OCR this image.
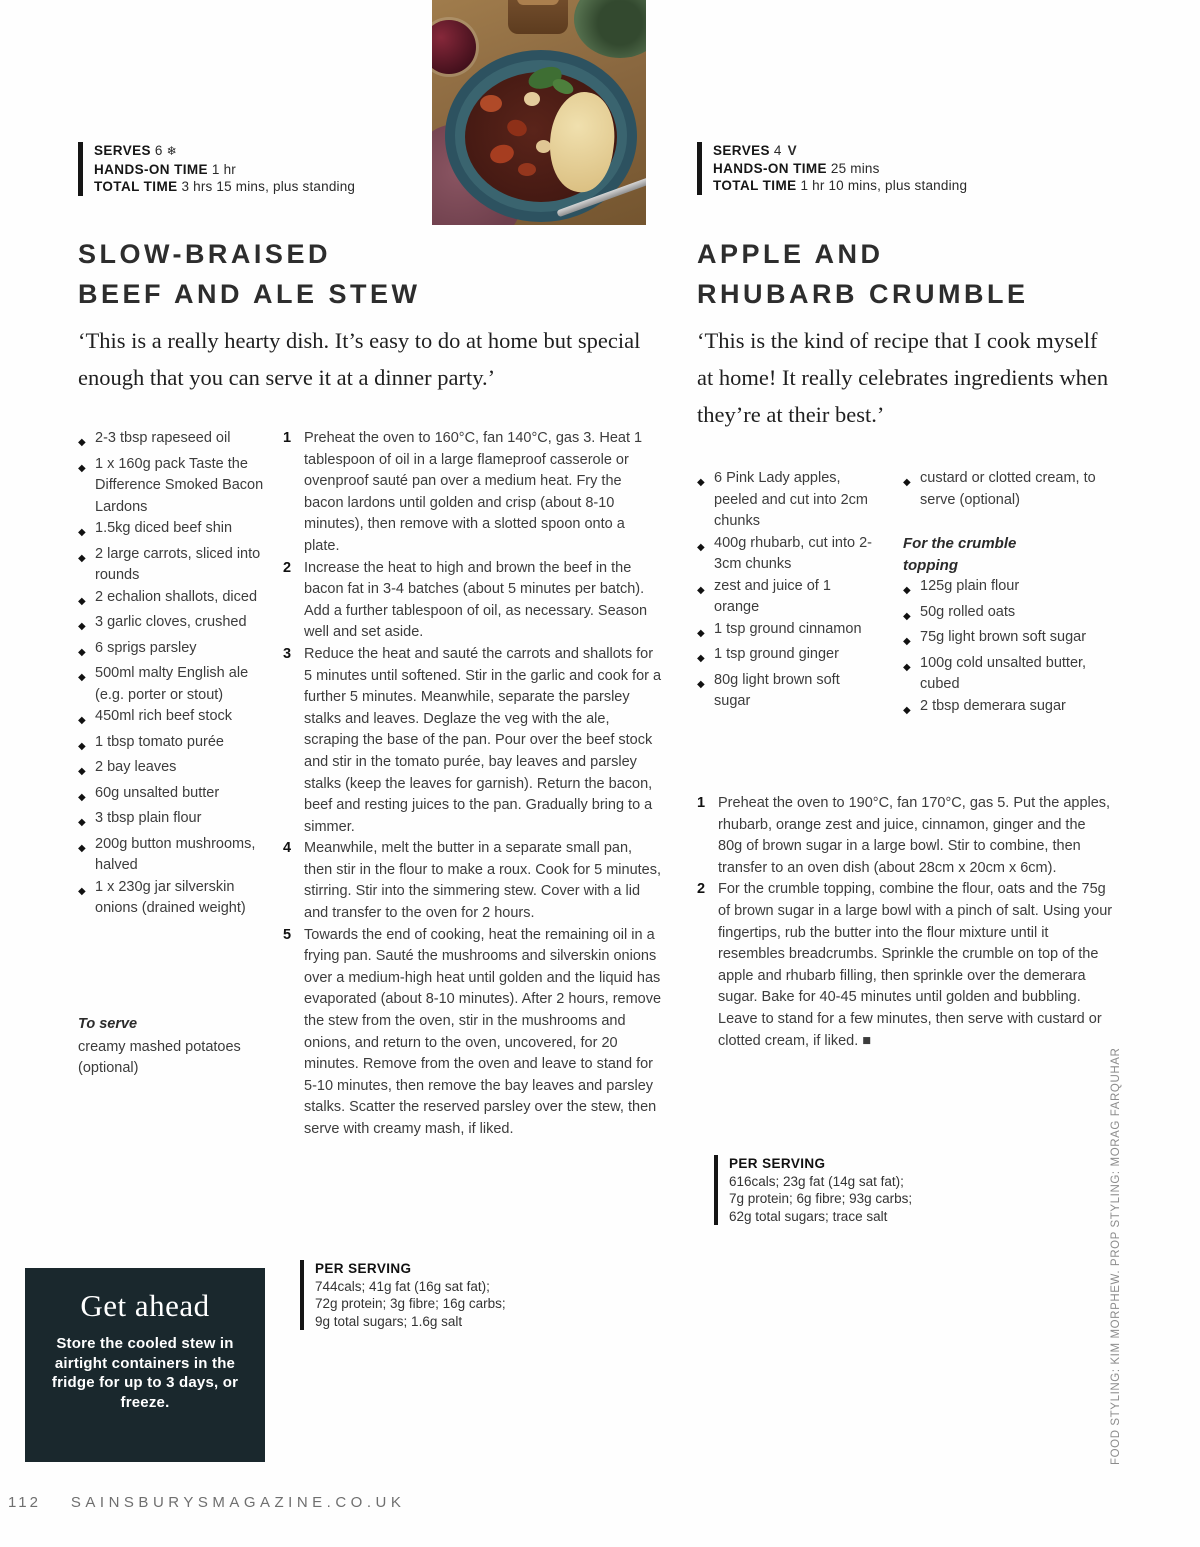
SERVES 6 ❄
HANDS-ON TIME 1 hr
TOTAL TIME 3 hrs 15 mins, plus standing
SERVES 4 V
HANDS-ON TIME 25 mins
TOTAL TIME 1 hr 10 mins, plus standing
SLOW-BRAISED
BEEF AND ALE STEW
APPLE AND
RHUBARB CRUMBLE

‘This is a really hearty dish. It’s easy to do at home but special enough that you can serve it at a dinner party.’

‘This is the kind of recipe that I cook myself at home! It really celebrates ingredients when they’re at their best.’

◆ 2-3 tbsp rapeseed oil
◆ 1 x 160g pack Taste the Difference Smoked Bacon Lardons
◆ 1.5kg diced beef shin
◆ 2 large carrots, sliced into rounds
◆ 2 echalion shallots, diced
◆ 3 garlic cloves, crushed
◆ 6 sprigs parsley
◆ 500ml malty English ale (e.g. porter or stout)
◆ 450ml rich beef stock
◆ 1 tbsp tomato purée
◆ 2 bay leaves
◆ 60g unsalted butter
◆ 3 tbsp plain flour
◆ 200g button mushrooms, halved
◆ 1 x 230g jar silverskin onions (drained weight)
To serve
creamy mashed potatoes (optional)
1 Preheat the oven to 160°C, fan 140°C, gas 3. Heat 1 tablespoon of oil in a large flameproof casserole or ovenproof sauté pan over a medium heat. Fry the bacon lardons until golden and crisp (about 8-10 minutes), then remove with a slotted spoon onto a plate.
2 Increase the heat to high and brown the beef in the bacon fat in 3-4 batches (about 5 minutes per batch). Add a further tablespoon of oil, as necessary. Season well and set aside.
3 Reduce the heat and sauté the carrots and shallots for 5 minutes until softened. Stir in the garlic and cook for a further 5 minutes. Meanwhile, separate the parsley stalks and leaves. Deglaze the veg with the ale, scraping the base of the pan. Pour over the beef stock and stir in the tomato purée, bay leaves and parsley stalks (keep the leaves for garnish). Return the bacon, beef and resting juices to the pan. Gradually bring to a simmer.
4 Meanwhile, melt the butter in a separate small pan, then stir in the flour to make a roux. Cook for 5 minutes, stirring. Stir into the simmering stew. Cover with a lid and transfer to the oven for 2 hours.
5 Towards the end of cooking, heat the remaining oil in a frying pan. Sauté the mushrooms and silverskin onions over a medium-high heat until golden and the liquid has evaporated (about 8-10 minutes). After 2 hours, remove the stew from the oven, stir in the mushrooms and onions, and return to the oven, uncovered, for 20 minutes. Remove from the oven and leave to stand for 5-10 minutes, then remove the bay leaves and parsley stalks. Scatter the reserved parsley over the stew, then serve with creamy mash, if liked.
◆ 6 Pink Lady apples, peeled and cut into 2cm chunks
◆ 400g rhubarb, cut into 2-3cm chunks
◆ zest and juice of 1 orange
◆ 1 tsp ground cinnamon
◆ 1 tsp ground ginger
◆ 80g light brown soft sugar
◆ custard or clotted cream, to serve (optional)
For the crumble topping
◆ 125g plain flour
◆ 50g rolled oats
◆ 75g light brown soft sugar
◆ 100g cold unsalted butter, cubed
◆ 2 tbsp demerara sugar
1 Preheat the oven to 190°C, fan 170°C, gas 5. Put the apples, rhubarb, orange zest and juice, cinnamon, ginger and the 80g of brown sugar in a large bowl. Stir to combine, then transfer to an oven dish (about 28cm x 20cm x 6cm).
2 For the crumble topping, combine the flour, oats and the 75g of brown sugar in a large bowl with a pinch of salt. Using your fingertips, rub the butter into the flour mixture until it resembles breadcrumbs. Sprinkle the crumble on top of the apple and rhubarb filling, then sprinkle over the demerara sugar. Bake for 40-45 minutes until golden and bubbling. Leave to stand for a few minutes, then serve with custard or clotted cream, if liked. ■
PER SERVING
616cals; 23g fat (14g sat fat);
7g protein; 6g fibre; 93g carbs;
62g total sugars; trace salt
PER SERVING
744cals; 41g fat (16g sat fat);
72g protein; 3g fibre; 16g carbs;
9g total sugars; 1.6g salt
Get ahead

Store the cooled stew in airtight containers in the fridge for up to 3 days, or freeze.

112 SAINSBURYSMAGAZINE.CO.UK
FOOD STYLING: KIM MORPHEW. PROP STYLING: MORAG FARQUHAR
